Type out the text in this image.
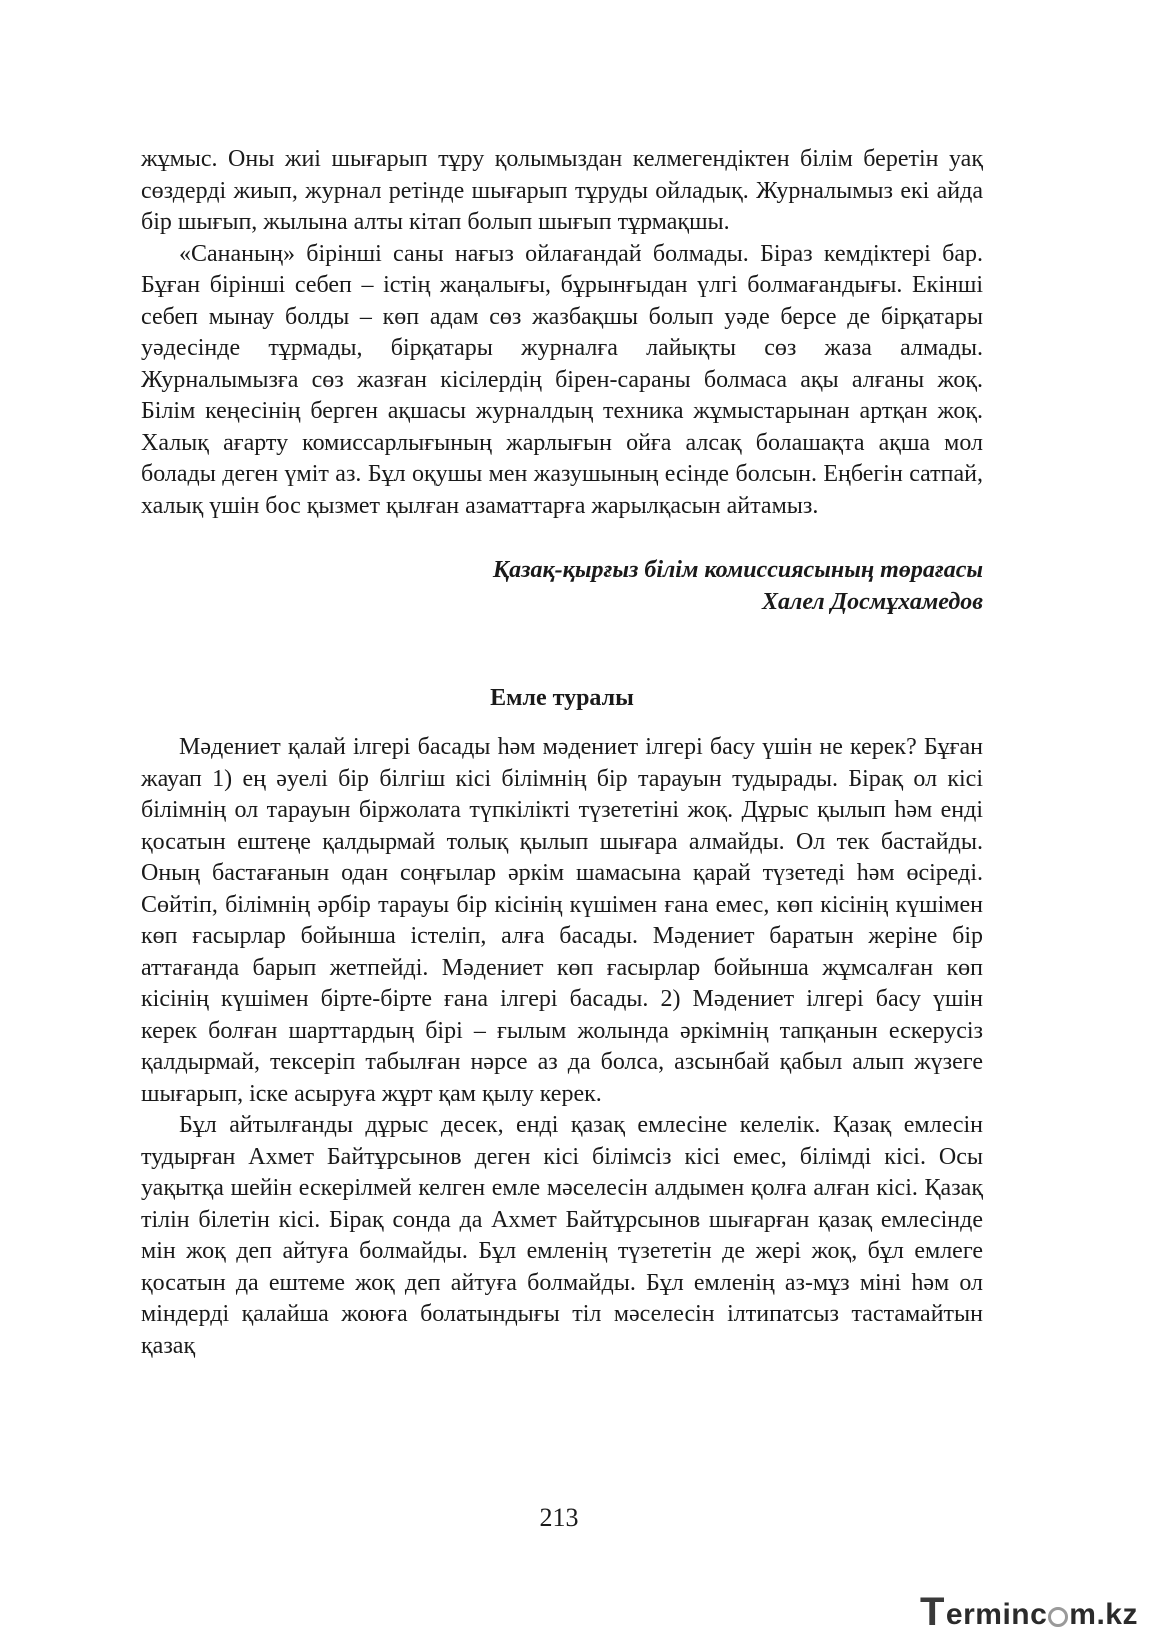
жұмыс. Оны жиі шығарып тұру қолымыздан келмегендіктен білім беретін уақ сөздерді жиып, журнал ретінде шығарып тұруды ойладық. Журналымыз екі айда бір шығып, жылына алты кітап болып шығып тұрмақшы.

«Сананың» бірінші саны нағыз ойлағандай болмады. Біраз кемдіктері бар. Бұған бірінші себеп – істің жаңалығы, бұрынғыдан үлгі болмағандығы. Екінші себеп мынау болды – көп адам сөз жазбақшы болып уәде берсе де бірқатары уәдесінде тұрмады, бірқатары журналға лайықты сөз жаза алмады. Журналымызға сөз жазған кісілердің бірен-сараны болмаса ақы алғаны жоқ. Білім кеңесінің берген ақшасы журналдың техника жұмыстарынан артқан жоқ. Халық ағарту комиссарлығының жарлығын ойға алсақ болашақта ақша мол болады деген үміт аз. Бұл оқушы мен жазушының есінде болсын. Еңбегін сатпай, халық үшін бос қызмет қылған азаматтарға жарылқасын айтамыз.

Қазақ-қырғыз білім комиссиясының төрағасы
Халел Досмұхамедов
Емле туралы

Мәдениет қалай ілгері басады һәм мәдениет ілгері басу үшін не керек? Бұған жауап 1) ең әуелі бір білгіш кісі білімнің бір тарауын тудырады. Бірақ ол кісі білімнің ол тарауын біржолата түпкілікті түзететіні жоқ. Дұрыс қылып һәм енді қосатын ештеңе қалдырмай толық қылып шығара алмайды. Ол тек бастайды. Оның бастағанын одан соңғылар әркім шамасына қарай түзетеді һәм өсіреді. Сөйтіп, білімнің әрбір тарауы бір кісінің күшімен ғана емес, көп кісінің күшімен көп ғасырлар бойынша істеліп, алға басады. Мәдениет баратын жеріне бір аттағанда барып жетпейді. Мәдениет көп ғасырлар бойынша жұмсалған көп кісінің күшімен бірте-бірте ғана ілгері басады. 2) Мәдениет ілгері басу үшін керек болған шарттардың бірі – ғылым жолында әркімнің тапқанын ескерусіз қалдырмай, тексеріп табылған нәрсе аз да болса, азсынбай қабыл алып жүзеге шығарып, іске асыруға жұрт қам қылу керек.

Бұл айтылғанды дұрыс десек, енді қазақ емлесіне келелік. Қазақ емлесін тудырған Ахмет Байтұрсынов деген кісі білімсіз кісі емес, білімді кісі. Осы уақытқа шейін ескерілмей келген емле мәселесін алдымен қолға алған кісі. Қазақ тілін білетін кісі. Бірақ сонда да Ахмет Байтұрсынов шығарған қазақ емлесінде мін жоқ деп айтуға болмайды. Бұл емленің түзететін де жері жоқ, бұл емлеге қосатын да ештеме жоқ деп айтуға болмайды. Бұл емленің аз-мұз міні һәм ол міндерді қалайша жоюға болатындығы тіл мәселесін ілтипатсыз тастамайтын қазақ

213
T erminc m.kz
